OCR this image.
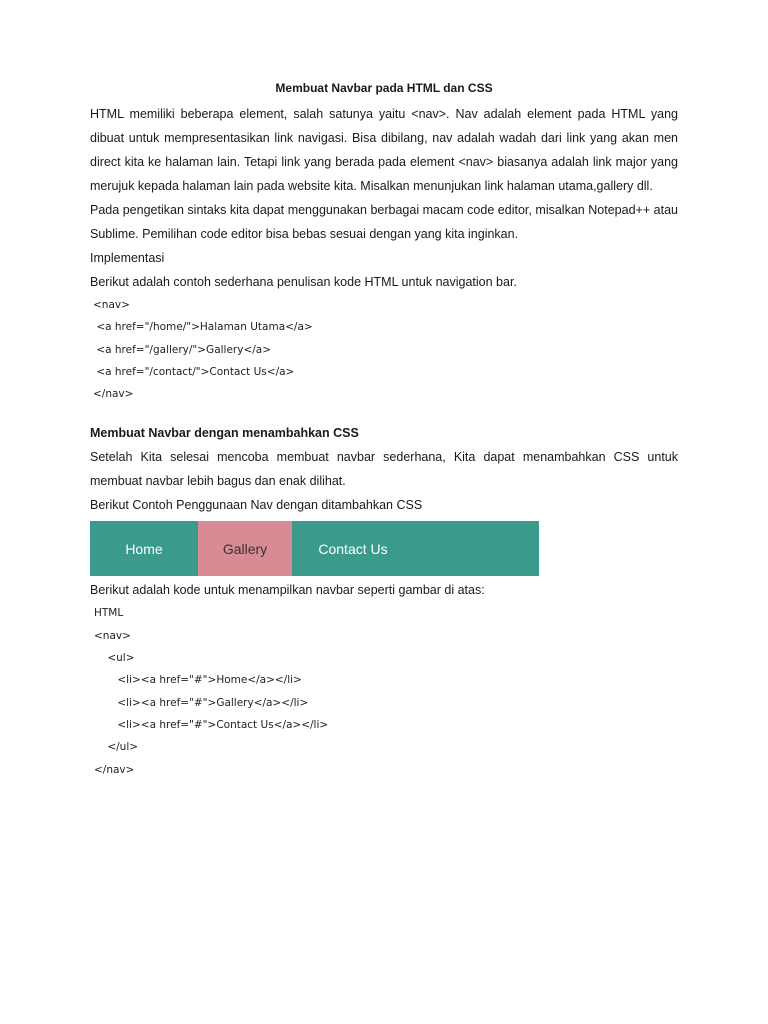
Membuat Navbar pada HTML dan CSS

HTML memiliki beberapa element, salah satunya yaitu <nav>. Nav adalah element pada HTML yang dibuat untuk mempresentasikan link navigasi. Bisa dibilang, nav adalah wadah dari link yang akan men direct kita ke halaman lain. Tetapi link yang berada pada element <nav> biasanya adalah link major yang merujuk kepada halaman lain pada website kita. Misalkan menunjukan link halaman utama,gallery dll.

Pada pengetikan sintaks kita dapat menggunakan berbagai macam code editor, misalkan Notepad++ atau Sublime. Pemilihan code editor bisa bebas sesuai dengan yang kita inginkan.

Implementasi

Berikut adalah contoh sederhana penulisan kode HTML untuk navigation bar.

<nav>
<a href="/home/">Halaman Utama</a>
<a href="/gallery/">Gallery</a>
<a href="/contact/">Contact Us</a>
</nav>
Membuat Navbar dengan menambahkan CSS

Setelah Kita selesai mencoba membuat navbar sederhana, Kita dapat menambahkan CSS untuk membuat navbar lebih bagus dan enak dilihat.

Berikut Contoh Penggunaan Nav dengan ditambahkan CSS

Home	Gallery	Contact Us

Berikut adalah kode untuk menampilkan navbar seperti gambar di atas:

HTML
<nav>
<ul>
<li><a href="#">Home</a></li>
<li><a href="#">Gallery</a></li>
<li><a href="#">Contact Us</a></li>
</ul>
</nav>
